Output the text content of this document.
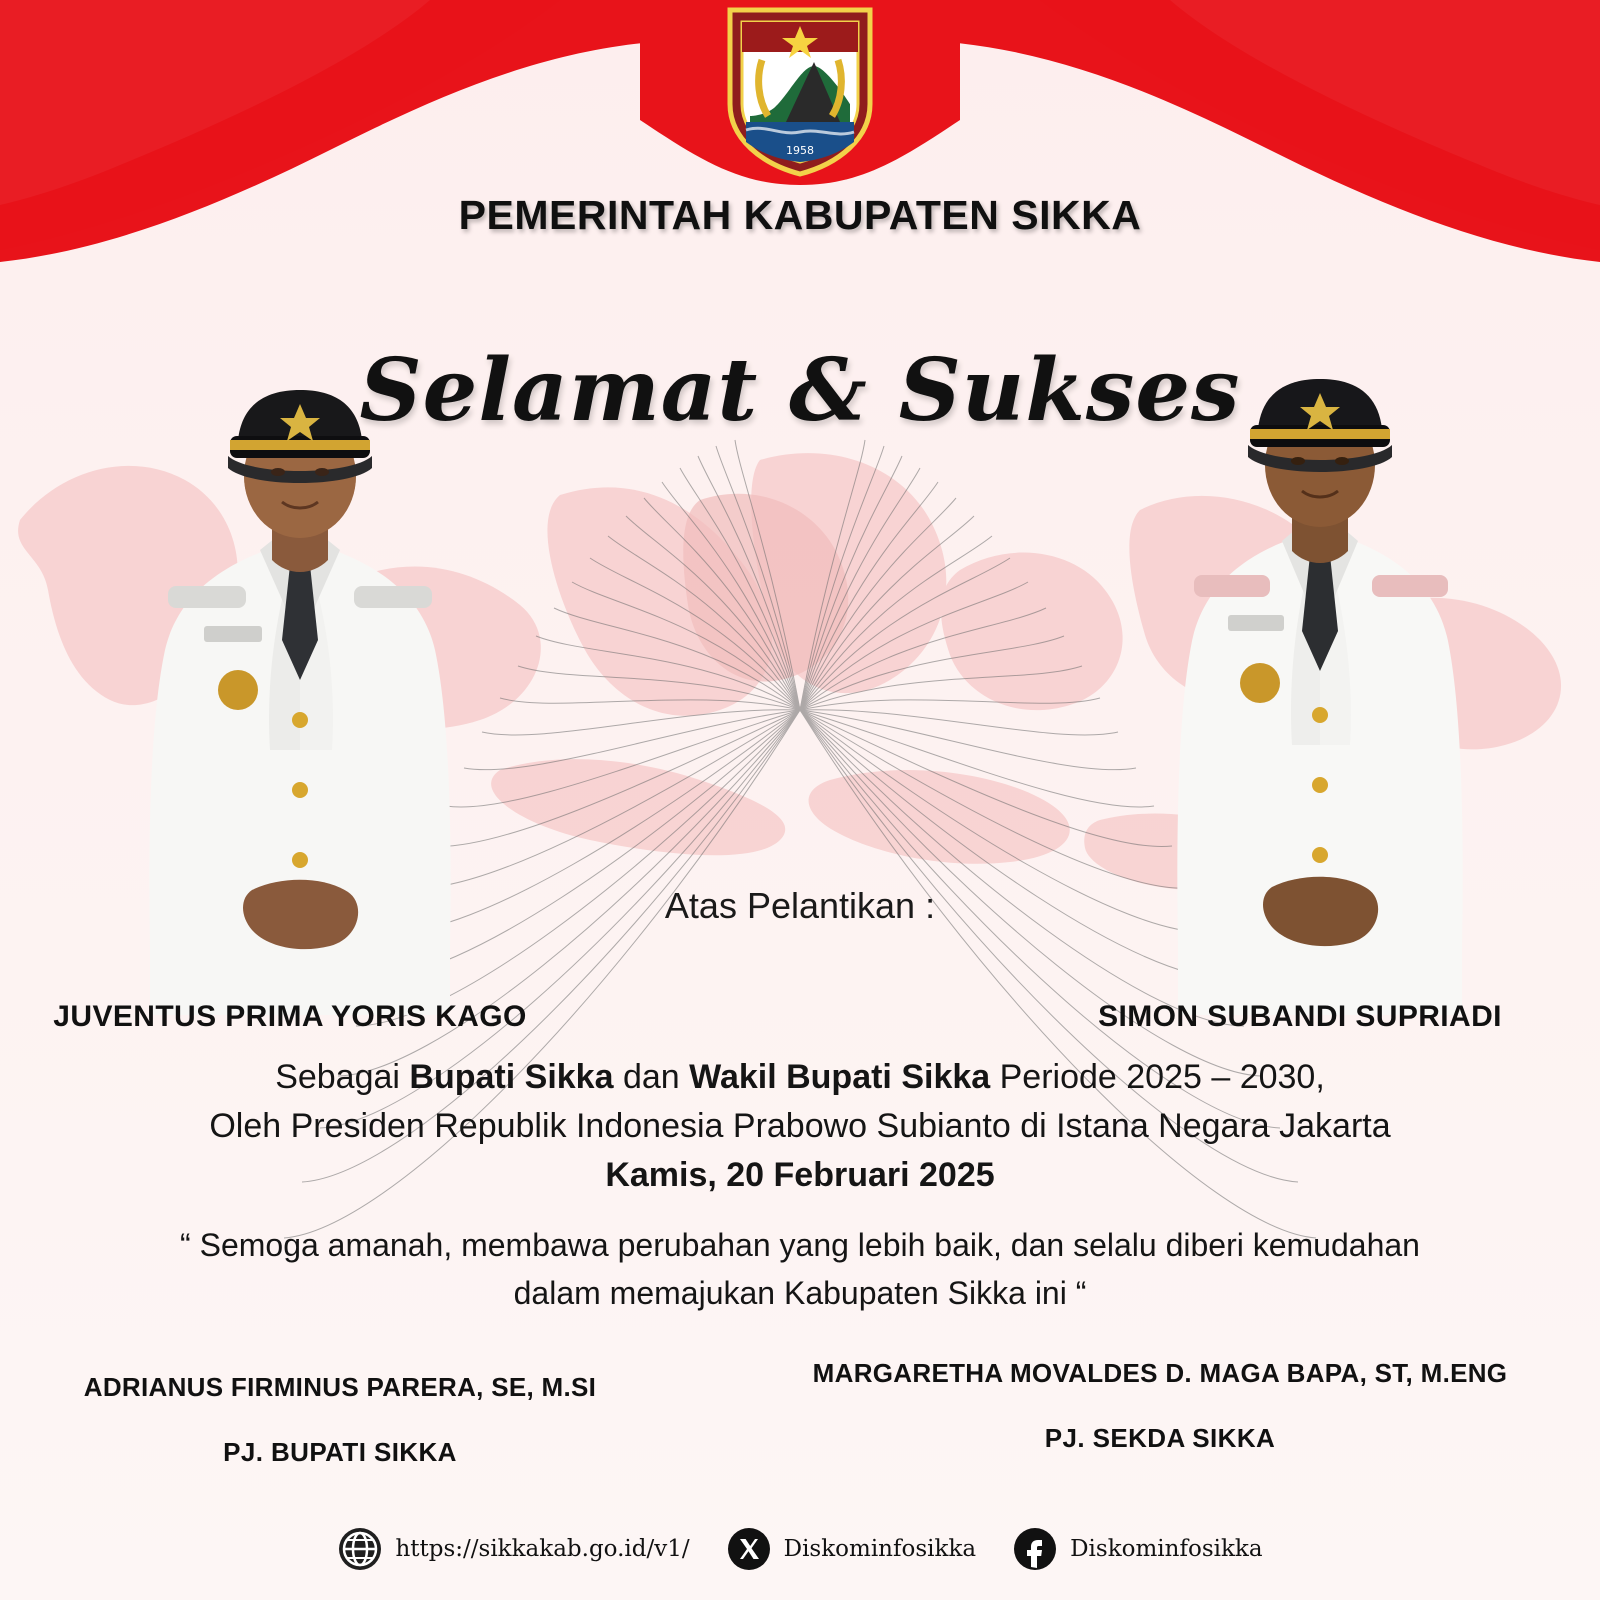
1958
PEMERINTAH KABUPATEN SIKKA
Selamat & Sukses
Atas Pelantikan :
JUVENTUS PRIMA YORIS KAGO	SIMON SUBANDI SUPRIADI
Sebagai Bupati Sikka dan Wakil Bupati Sikka Periode 2025 – 2030,
Oleh Presiden Republik Indonesia Prabowo Subianto di Istana Negara Jakarta
Kamis, 20 Februari 2025
“ Semoga amanah, membawa perubahan yang lebih baik, dan selalu diberi kemudahan dalam memajukan Kabupaten Sikka ini “
ADRIANUS FIRMINUS PARERA, SE, M.SI
PJ. BUPATI SIKKA
MARGARETHA MOVALDES D. MAGA BAPA, ST, M.ENG
PJ. SEKDA SIKKA
https://sikkakab.go.id/v1/	Diskominfosikka	Diskominfosikka
